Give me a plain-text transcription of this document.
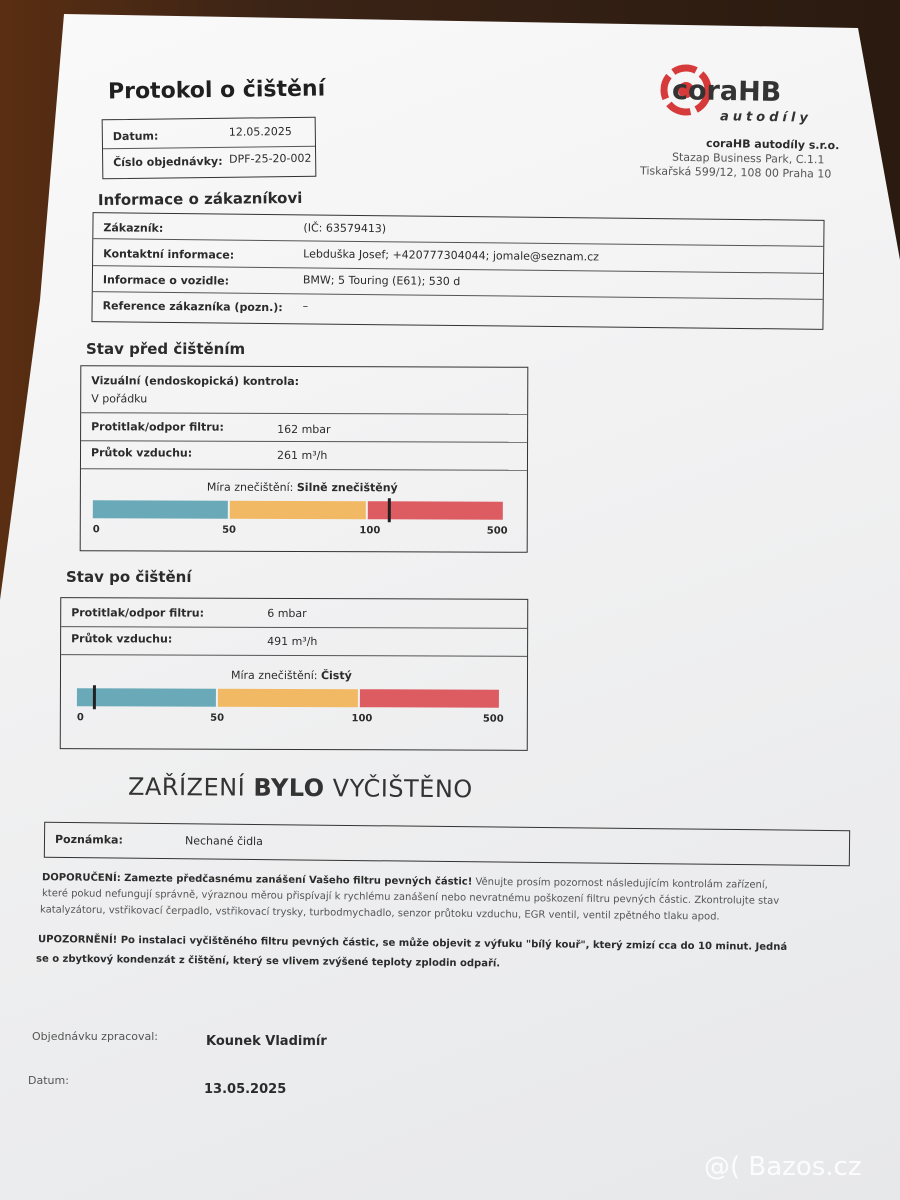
Protokol o čištění	coraHB
autodíly
coraHB autodíly s.r.o.
Stazap Business Park, C.1.1
Tiskařská 599/12, 108 00 Praha 10
Datum:	12.05.2025
Číslo objednávky: DPF-25-20-002
Informace o zákazníkovi
Zákazník:	(IČ: 63579413)
Kontaktní informace:	Lebduška Josef; +420777304044; jomale@seznam.cz
Informace o vozidle:	BMW; 5 Touring (E61); 530 d
Reference zákazníka (pozn.): –
Stav před čištěním
Vizuální (endoskopická) kontrola:
V pořádku
Protitlak/odpor filtru:	162 mbar
Průtok vzduchu:	261 m³/h
Míra znečištění: Silně znečištěný
0	50	100	500
Stav po čištění
Protitlak/odpor filtru:	6 mbar
Průtok vzduchu:	491 m³/h
Míra znečištění: Čistý
0	50	100	500
ZAŘÍZENÍ BYLO VYČIŠTĚNO
Poznámka:	Nechané čidla
DOPORUČENÍ: Zamezte předčasnému zanášení Vašeho filtru pevných částic! Věnujte prosím pozornost následujícím kontrolám zařízení,
které pokud nefungují správně, výraznou měrou přispívají k rychlému zanášení nebo nevratnému poškození filtru pevných částic. Zkontrolujte stav
katalyzátoru, vstřikovací čerpadlo, vstřikovací trysky, turbodmychadlo, senzor průtoku vzduchu, EGR ventil, ventil zpětného tlaku apod.
UPOZORNĚNÍ! Po instalaci vyčištěného filtru pevných částic, se může objevit z výfuku "bílý kouř", který zmizí cca do 10 minut. Jedná
se o zbytkový kondenzát z čištění, který se vlivem zvýšené teploty zplodin odpaří.
Objednávku zpracoval:	Kounek Vladimír
Datum:
13.05.2025
@( Bazos.cz
